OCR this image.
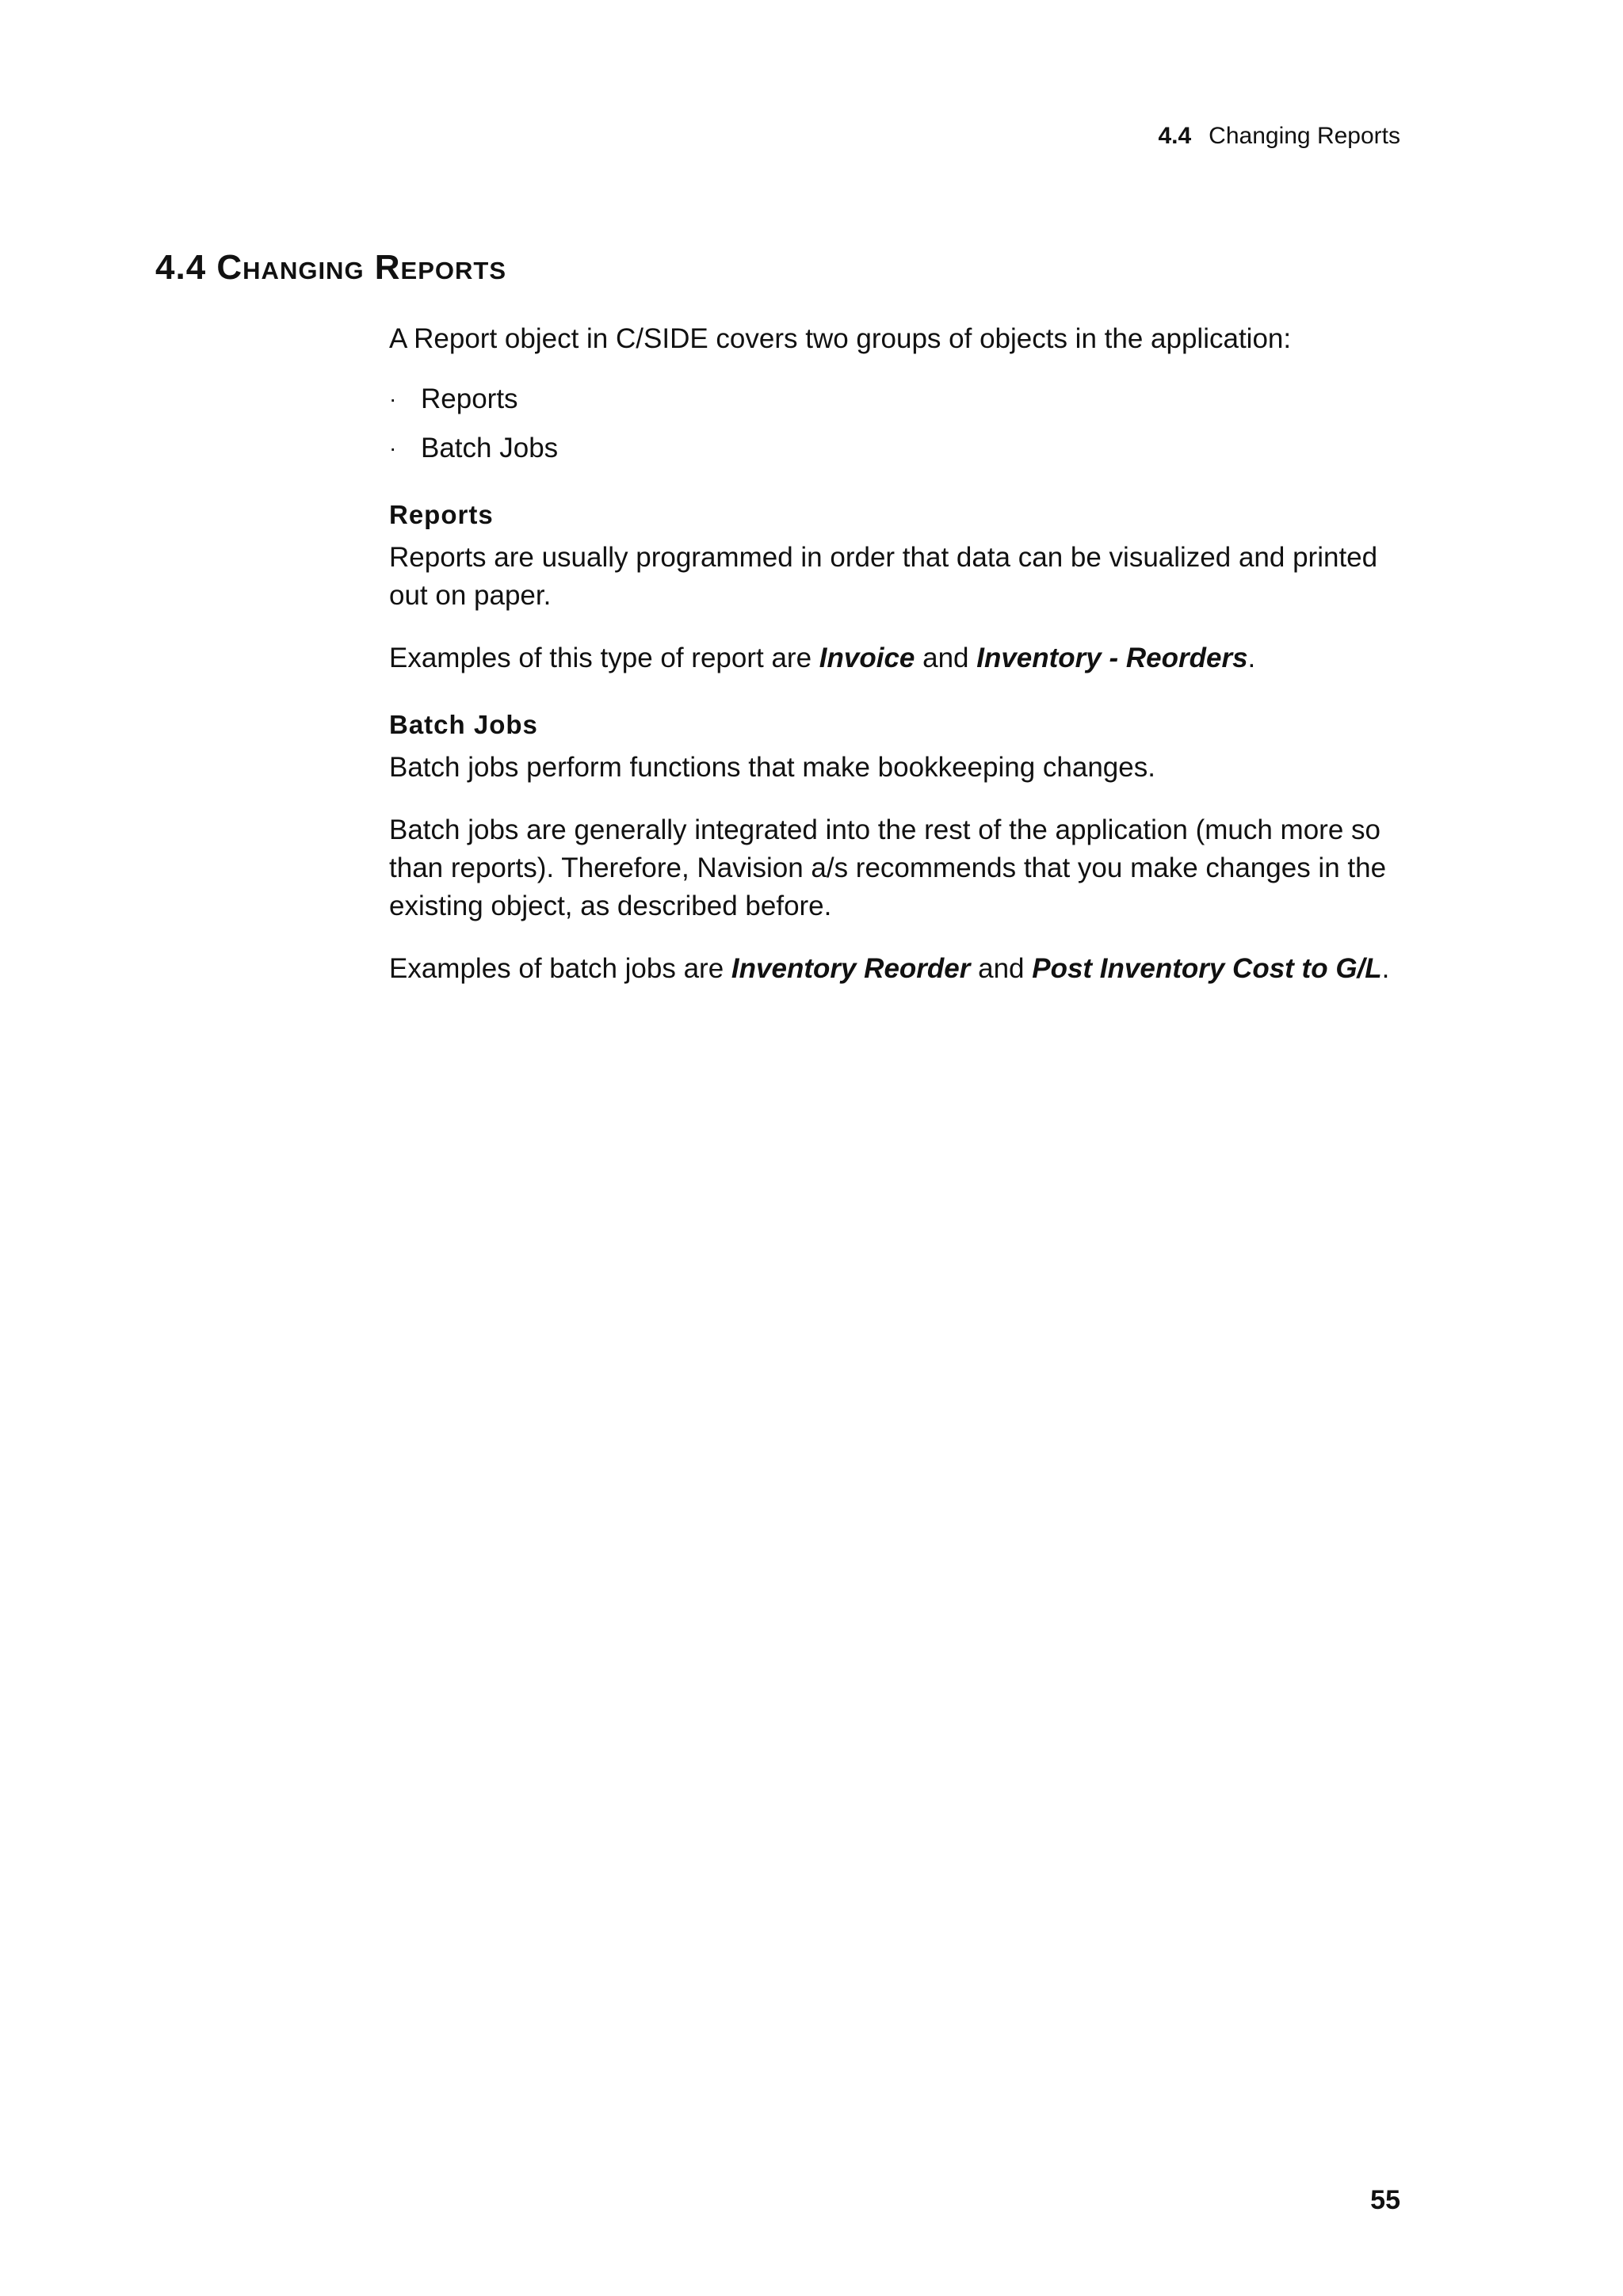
4.4 Changing Reports
4.4 Changing Reports

A Report object in C/SIDE covers two groups of objects in the application:

· Reports
· Batch Jobs
Reports

Reports are usually programmed in order that data can be visualized and printed out on paper.

Examples of this type of report are Invoice and Inventory - Reorders.

Batch Jobs

Batch jobs perform functions that make bookkeeping changes.

Batch jobs are generally integrated into the rest of the application (much more so than reports). Therefore, Navision a/s recommends that you make changes in the existing object, as described before.

Examples of batch jobs are Inventory Reorder and Post Inventory Cost to G/L.

55
